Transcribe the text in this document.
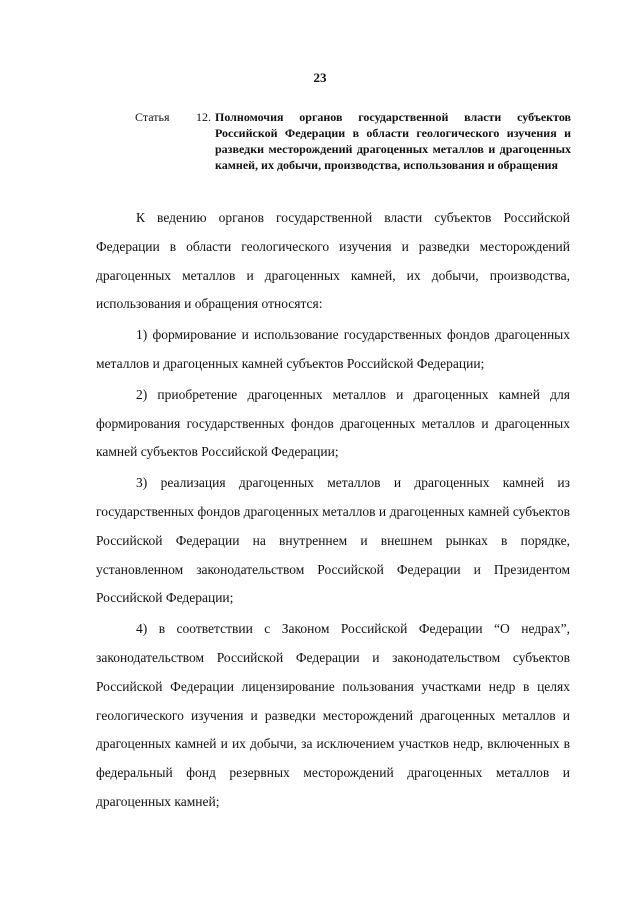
23
Статья 12. Полномочия органов государственной власти субъектов Российской Федерации в области геологического изучения и разведки месторождений драгоценных металлов и драгоценных камней, их добычи, производства, использования и обращения

К ведению органов государственной власти субъектов Российской Федерации в области геологического изучения и разведки месторождений драгоценных металлов и драгоценных камней, их добычи, производства, использования и обращения относятся:

1) формирование и использование государственных фондов драгоценных металлов и драгоценных камней субъектов Российской Федерации;

2) приобретение драгоценных металлов и драгоценных камней для формирования государственных фондов драгоценных металлов и драгоценных камней субъектов Российской Федерации;

3) реализация драгоценных металлов и драгоценных камней из государственных фондов драгоценных металлов и драгоценных камней субъектов Российской Федерации на внутреннем и внешнем рынках в порядке, установленном законодательством Российской Федерации и Президентом Российской Федерации;

4) в соответствии с Законом Российской Федерации “О недрах”, законодательством Российской Федерации и законодательством субъектов Российской Федерации лицензирование пользования участками недр в целях геологического изучения и разведки месторождений драгоценных металлов и драгоценных камней и их добычи, за исключением участков недр, включенных в федеральный фонд резервных месторождений драгоценных металлов и драгоценных камней;
